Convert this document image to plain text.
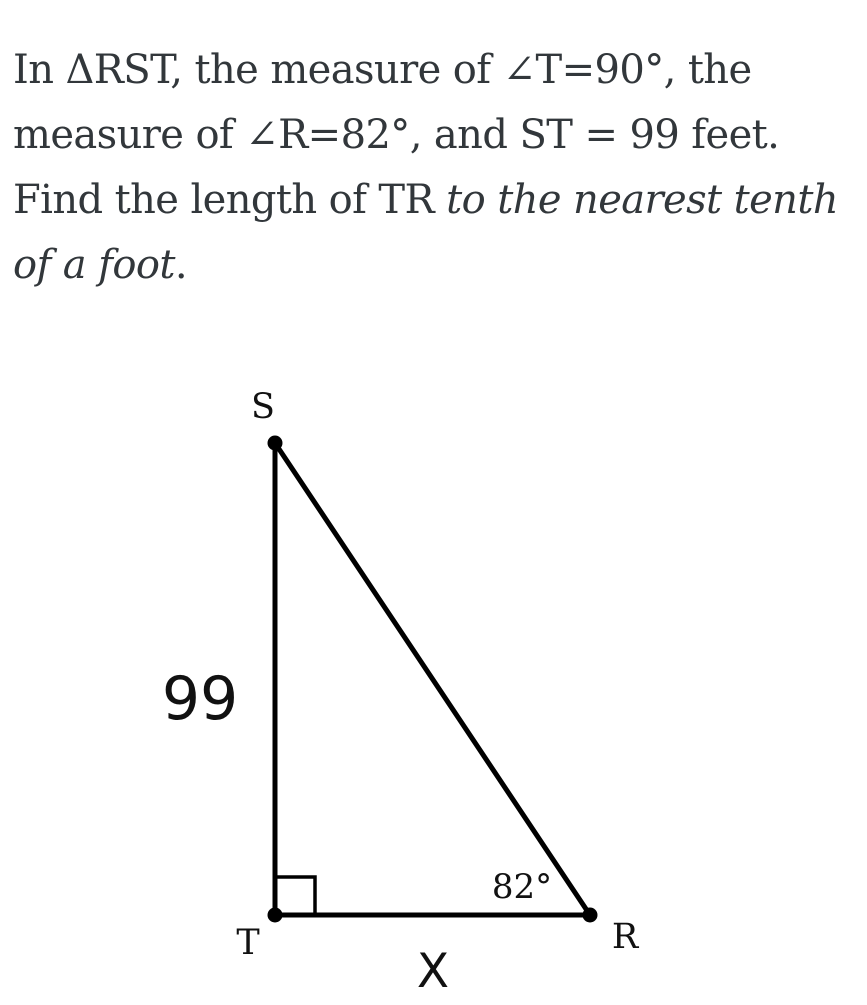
In ΔRST, the measure of ∠T=90°, the measure of ∠R=82°, and ST = 99 feet. Find the length of TR to the nearest tenth of a foot.

S
T	R
99
X
82°
